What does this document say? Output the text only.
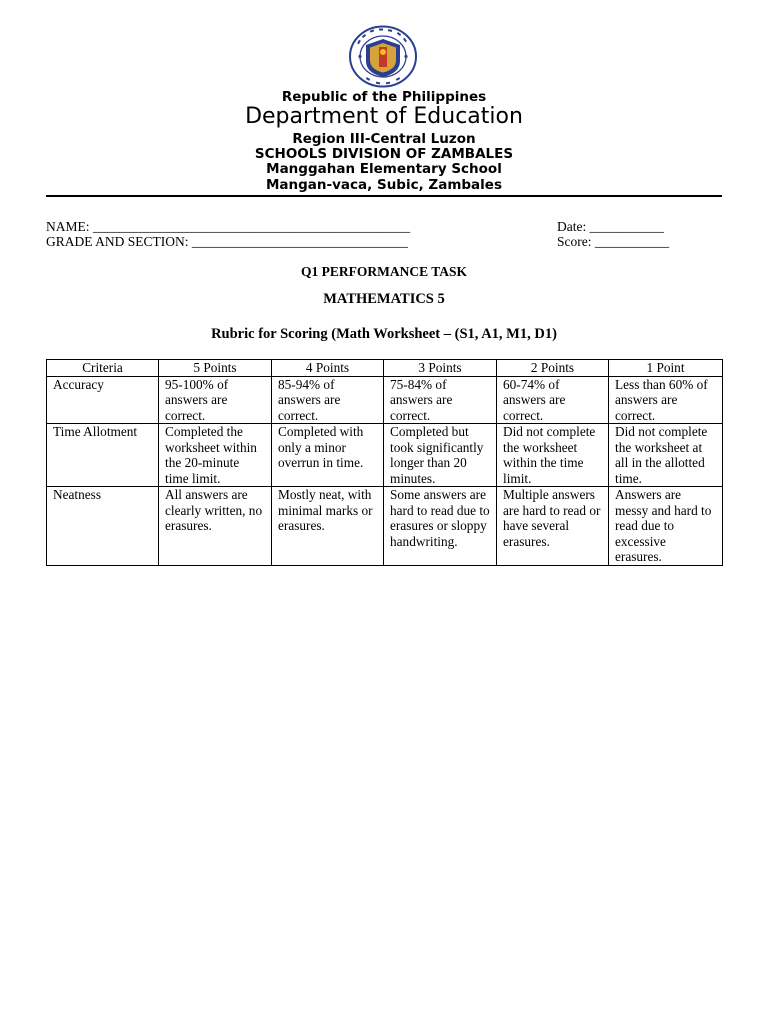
Republic of the Philippines
Department of Education
Region III-Central Luzon
SCHOOLS DIVISION OF ZAMBALES
Manggahan Elementary School
Mangan-vaca, Subic, Zambales
NAME: _______________________________________________
GRADE AND SECTION: ________________________________
Date: ___________
Score: ___________
Q1 PERFORMANCE TASK
MATHEMATICS 5
Rubric for Scoring (Math Worksheet – (S1, A1, M1, D1)
Criteria	5 Points	4 Points	3 Points	2 Points	1 Point
Accuracy	95-100% of answers are correct.	85-94% of answers are correct.	75-84% of answers are correct.	60-74% of answers are correct.	Less than 60% of answers are correct.
Time Allotment	Completed the worksheet within the 20-minute time limit.	Completed with only a minor overrun in time.	Completed but took significantly longer than 20 minutes.	Did not complete the worksheet within the time limit.	Did not complete the worksheet at all in the allotted time.
Neatness	All answers are clearly written, no erasures.	Mostly neat, with minimal marks or erasures.	Some answers are hard to read due to erasures or sloppy handwriting.	Multiple answers are hard to read or have several erasures.	Answers are messy and hard to read due to excessive erasures.
